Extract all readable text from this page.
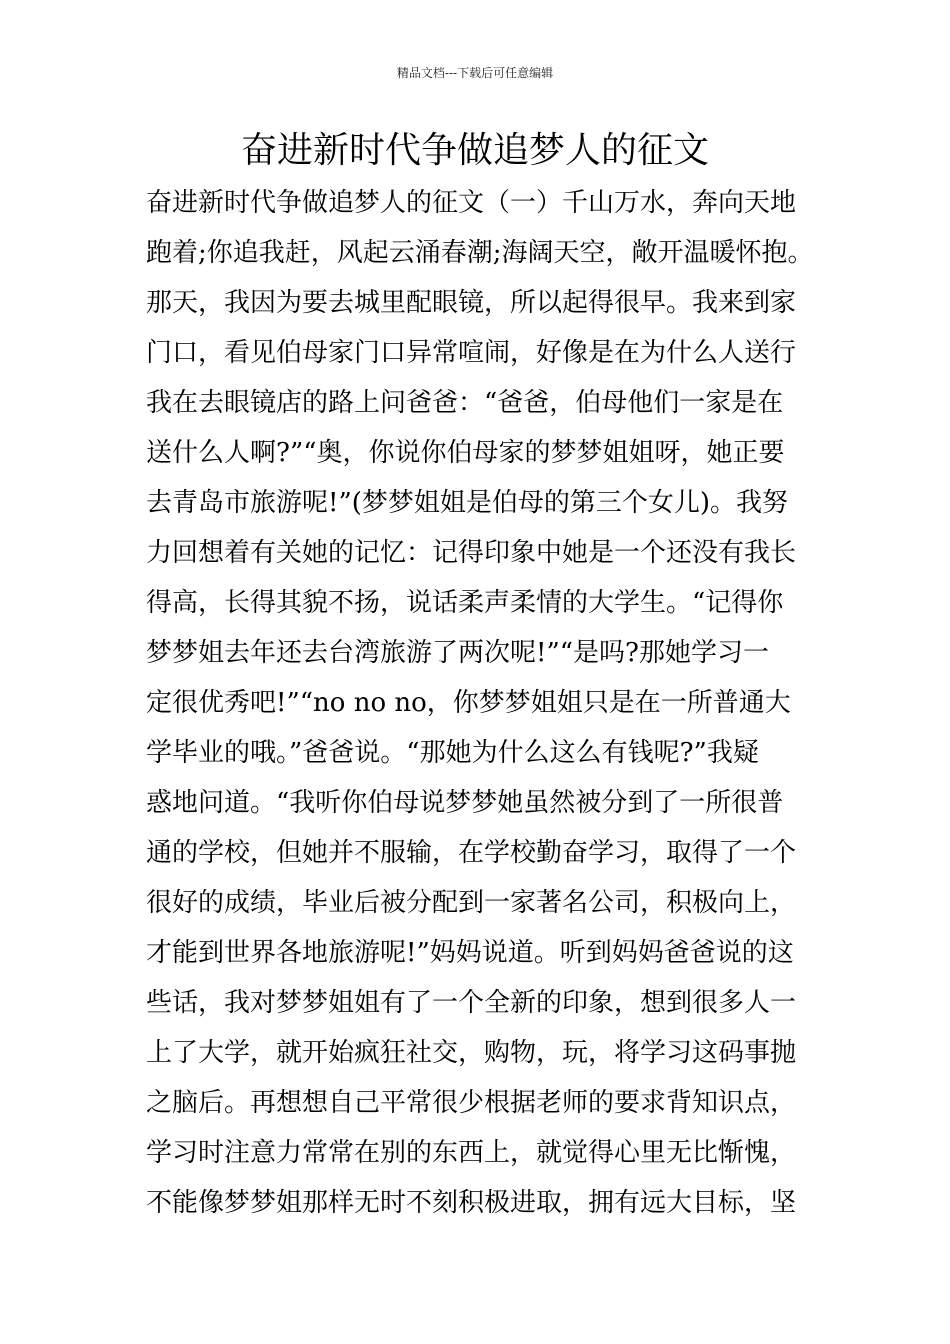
精品文档---下载后可任意编辑
奋进新时代争做追梦人的征文
奋进新时代争做追梦人的征文（一）千山万水，奔向天地
跑着;你追我赶，风起云涌春潮;海阔天空，敞开温暖怀抱。
那天，我因为要去城里配眼镜，所以起得很早。我来到家
门口，看见伯母家门口异常喧闹，好像是在为什么人送行
我在去眼镜店的路上问爸爸：“爸爸，伯母他们一家是在
送什么人啊?”“奥，你说你伯母家的梦梦姐姐呀，她正要
去青岛市旅游呢!”(梦梦姐姐是伯母的第三个女儿)。我努
力回想着有关她的记忆：记得印象中她是一个还没有我长
得高，长得其貌不扬，说话柔声柔情的大学生。“记得你
梦梦姐去年还去台湾旅游了两次呢!”“是吗?那她学习一
定很优秀吧!”“no no no，你梦梦姐姐只是在一所普通大
学毕业的哦。”爸爸说。“那她为什么这么有钱呢?”我疑
惑地问道。“我听你伯母说梦梦她虽然被分到了一所很普
通的学校，但她并不服输，在学校勤奋学习，取得了一个
很好的成绩，毕业后被分配到一家著名公司，积极向上，
才能到世界各地旅游呢!”妈妈说道。听到妈妈爸爸说的这
些话，我对梦梦姐姐有了一个全新的印象，想到很多人一
上了大学，就开始疯狂社交，购物，玩，将学习这码事抛
之脑后。再想想自己平常很少根据老师的要求背知识点，
学习时注意力常常在别的东西上，就觉得心里无比惭愧，
不能像梦梦姐那样无时不刻积极进取，拥有远大目标，坚
